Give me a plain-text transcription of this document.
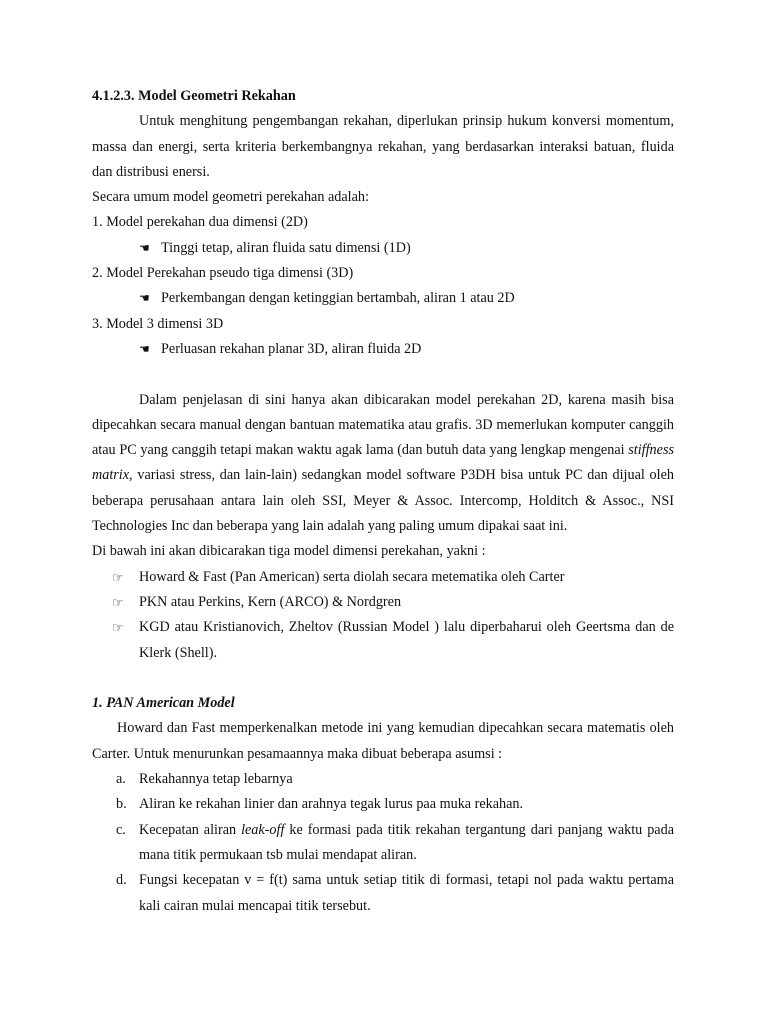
4.1.2.3. Model Geometri Rekahan

Untuk menghitung pengembangan rekahan, diperlukan prinsip hukum konversi momentum, massa dan energi, serta kriteria berkembangnya rekahan, yang berdasarkan interaksi batuan, fluida dan distribusi enersi.

Secara umum model geometri perekahan adalah:

1. Model perekahan dua dimensi (2D)

☚ Tinggi tetap, aliran fluida satu dimensi (1D)

2. Model Perekahan pseudo tiga dimensi (3D)

☚ Perkembangan dengan ketinggian bertambah, aliran 1 atau 2D

3. Model 3 dimensi 3D

☚ Perluasan rekahan planar 3D, aliran fluida 2D

Dalam penjelasan di sini hanya akan dibicarakan model perekahan 2D, karena masih bisa dipecahkan secara manual dengan bantuan matematika atau grafis. 3D memerlukan komputer canggih atau PC yang canggih tetapi makan waktu agak lama (dan butuh data yang lengkap mengenai stiffness matrix, variasi stress, dan lain-lain) sedangkan model software P3DH bisa untuk PC dan dijual oleh beberapa perusahaan antara lain oleh SSI, Meyer & Assoc. Intercomp, Holditch & Assoc., NSI Technologies Inc dan beberapa yang lain adalah yang paling umum dipakai saat ini.

Di bawah ini akan dibicarakan tiga model dimensi perekahan, yakni :

☞	Howard & Fast (Pan American) serta diolah secara metematika oleh Carter
☞	PKN atau Perkins, Kern (ARCO) & Nordgren
☞	KGD atau Kristianovich, Zheltov (Russian Model ) lalu diperbaharui oleh Geertsma dan de Klerk (Shell).

1. PAN American Model

Howard dan Fast memperkenalkan metode ini yang kemudian dipecahkan secara matematis oleh Carter. Untuk menurunkan pesamaannya maka dibuat beberapa asumsi :

a. Rekahannya tetap lebarnya
b. Aliran ke rekahan linier dan arahnya tegak lurus paa muka rekahan.
c. Kecepatan aliran leak-off ke formasi pada titik rekahan tergantung dari panjang waktu pada mana titik permukaan tsb mulai mendapat aliran.
d. Fungsi kecepatan v = f(t) sama untuk setiap titik di formasi, tetapi nol pada waktu pertama kali cairan mulai mencapai titik tersebut.
